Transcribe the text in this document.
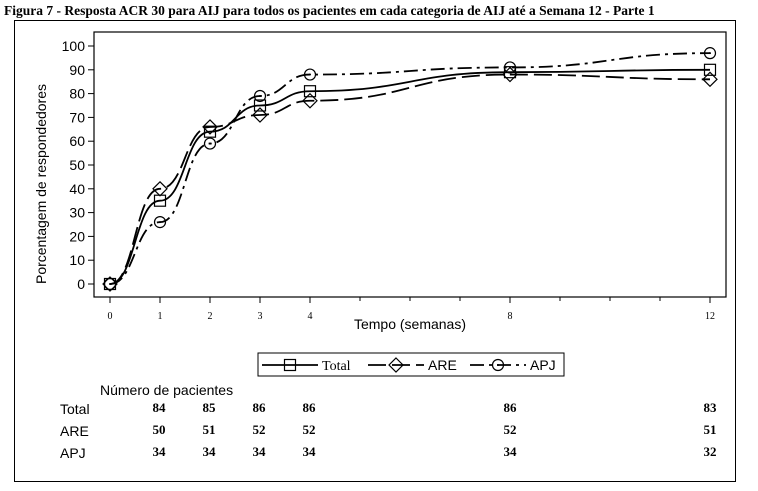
Figura 7 - Resposta ACR 30 para AIJ para todos os pacientes em cada categoria de AIJ até a Semana 12 - Parte 1
0
10
20
30
40
50
60
70
80
90
100
0	1	2	3	4	8	12
Porcentagem de respondedores
Tempo (semanas)
Total	ARE	APJ
Número de pacientes
Total	84	85	86	86	86	83
ARE	50	51	52	52	52	51
APJ	34	34	34	34	34	32
